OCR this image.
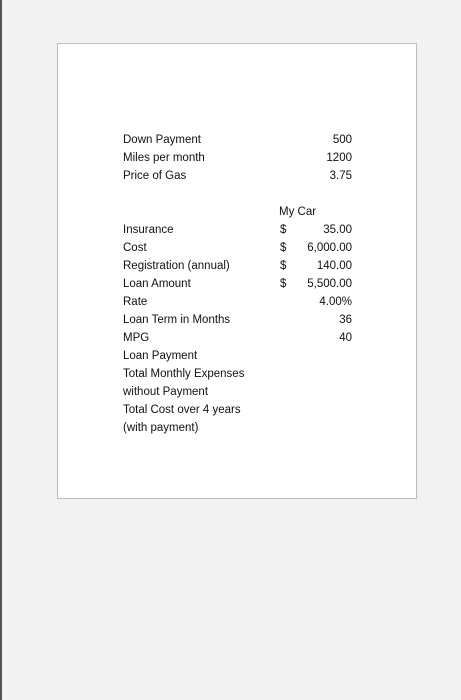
Down Payment	500
Miles per month	1200
Price of Gas	3.75
My Car
Insurance	$	35.00
Cost	$ 6,000.00
Registration (annual)	$	140.00
Loan Amount	$ 5,500.00
Rate	4.00%
Loan Term in Months	36
MPG	40
Loan Payment
Total Monthly Expenses
without Payment
Total Cost over 4 years
(with payment)
